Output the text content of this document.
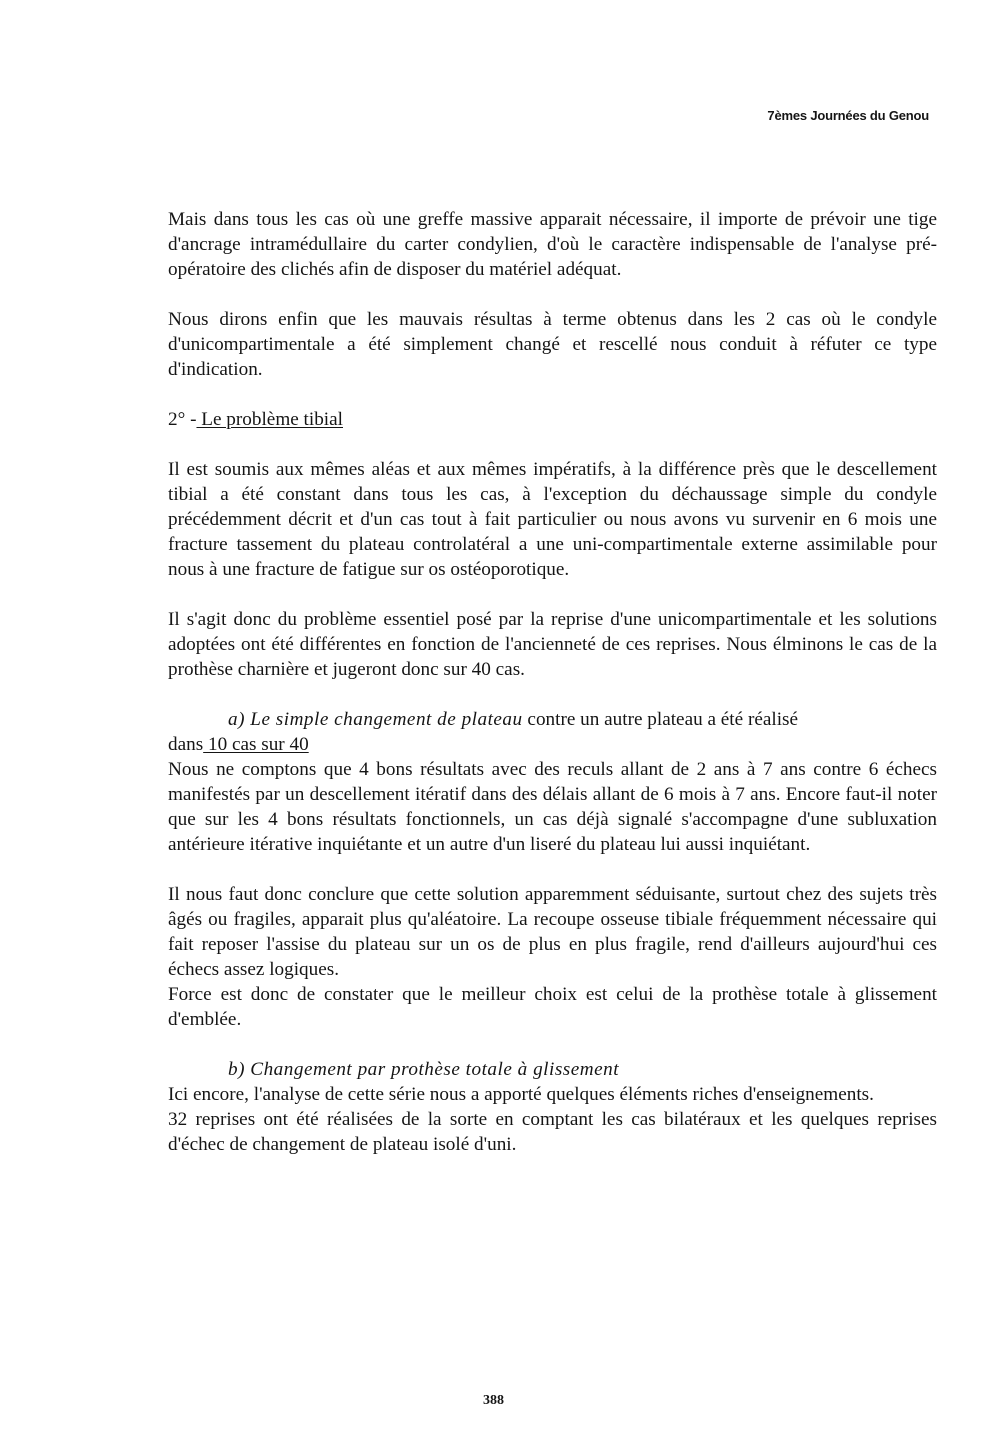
7èmes Journées du Genou

Mais dans tous les cas où une greffe massive apparait nécessaire, il importe de prévoir une tige d'ancrage intramédullaire du carter condylien, d'où le caractère indispensable de l'analyse pré-opératoire des clichés afin de disposer du matériel adéquat.

Nous dirons enfin que les mauvais résultas à terme obtenus dans les 2 cas où le condyle d'unicompartimentale a été simplement changé et rescellé nous conduit à réfuter ce type d'indication.

2° - Le problème tibial

Il est soumis aux mêmes aléas et aux mêmes impératifs, à la différence près que le descellement tibial a été constant dans tous les cas, à l'exception du déchaussage simple du condyle précédemment décrit et d'un cas tout à fait particulier ou nous avons vu survenir en 6 mois une fracture tassement du plateau controlatéral a une uni-compartimentale externe assimilable pour nous à une fracture de fatigue sur os ostéoporotique.

Il s'agit donc du problème essentiel posé par la reprise d'une unicompartimentale et les solutions adoptées ont été différentes en fonction de l'ancienneté de ces reprises. Nous élminons le cas de la prothèse charnière et jugeront donc sur 40 cas.

a) Le simple changement de plateau contre un autre plateau a été réalisé

dans 10 cas sur 40

Nous ne comptons que 4 bons résultats avec des reculs allant de 2 ans à 7 ans contre 6 échecs manifestés par un descellement itératif dans des délais allant de 6 mois à 7 ans. Encore faut-il noter que sur les 4 bons résultats fonctionnels, un cas déjà signalé s'accompagne d'une subluxation antérieure itérative inquiétante et un autre d'un liseré du plateau lui aussi inquiétant.

Il nous faut donc conclure que cette solution apparemment séduisante, surtout chez des sujets très âgés ou fragiles, apparait plus qu'aléatoire. La recoupe osseuse tibiale fréquemment nécessaire qui fait reposer l'assise du plateau sur un os de plus en plus fragile, rend d'ailleurs aujourd'hui ces échecs assez logiques.

Force est donc de constater que le meilleur choix est celui de la prothèse totale à glissement d'emblée.

b) Changement par prothèse totale à glissement

Ici encore, l'analyse de cette série nous a apporté quelques éléments riches d'enseignements.

32 reprises ont été réalisées de la sorte en comptant les cas bilatéraux et les quelques reprises d'échec de changement de plateau isolé d'uni.

388
